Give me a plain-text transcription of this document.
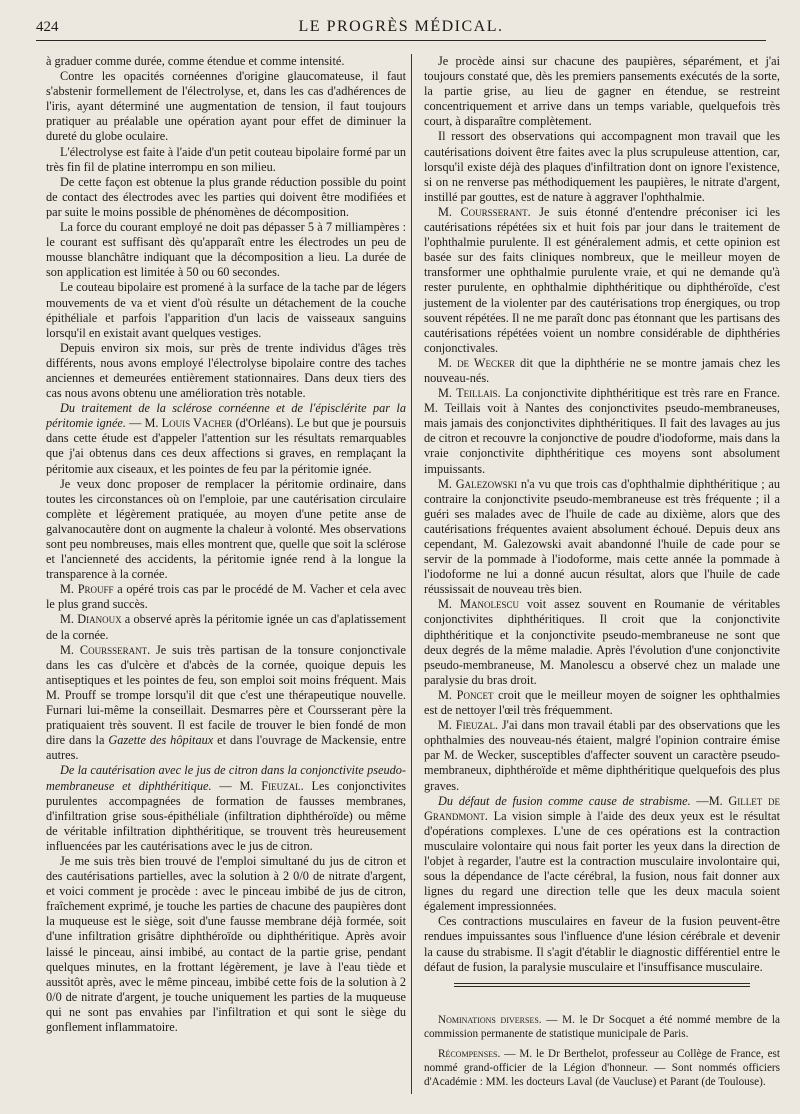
424	LE PROGRÈS MÉDICAL.

à graduer comme durée, comme étendue et comme intensité.

Contre les opacités cornéennes d'origine glaucomateuse, il faut s'abstenir formellement de l'électrolyse, et, dans les cas d'adhérences de l'iris, ayant déterminé une augmentation de tension, il faut toujours pratiquer au préalable une opération ayant pour effet de diminuer la dureté du globe oculaire.

L'électrolyse est faite à l'aide d'un petit couteau bipolaire formé par un très fin fil de platine interrompu en son milieu.

De cette façon est obtenue la plus grande réduction possible du point de contact des électrodes avec les parties qui doivent être modifiées et par suite le moins possible de phénomènes de décomposition.

La force du courant employé ne doit pas dépasser 5 à 7 milliampères : le courant est suffisant dès qu'apparaît entre les électrodes un peu de mousse blanchâtre indiquant que la décomposition a lieu. La durée de son application est limitée à 50 ou 60 secondes.

Le couteau bipolaire est promené à la surface de la tache par de légers mouvements de va et vient d'où résulte un détachement de la couche épithéliale et parfois l'apparition d'un lacis de vaisseaux sanguins lorsqu'il en existait avant quelques vestiges.

Depuis environ six mois, sur près de trente individus d'âges très différents, nous avons employé l'électrolyse bipolaire contre des taches anciennes et demeurées entièrement stationnaires. Dans deux tiers des cas nous avons obtenu une amélioration très notable.

Du traitement de la sclérose cornéenne et de l'épisclérite par la péritomie ignée. — M. Louis Vacher (d'Orléans). Le but que je poursuis dans cette étude est d'appeler l'attention sur les résultats remarquables que j'ai obtenus dans ces deux affections si graves, en remplaçant la péritomie aux ciseaux, et les pointes de feu par la péritomie ignée.

Je veux donc proposer de remplacer la péritomie ordinaire, dans toutes les circonstances où on l'emploie, par une cautérisation circulaire complète et légèrement pratiquée, au moyen d'une petite anse de galvanocautère dont on augmente la chaleur à volonté. Mes observations sont peu nombreuses, mais elles montrent que, quelle que soit la sclérose et l'ancienneté des accidents, la péritomie ignée rend à la longue la transparence à la cornée.

M. Prouff a opéré trois cas par le procédé de M. Vacher et cela avec le plus grand succès.

M. Dianoux a observé après la péritomie ignée un cas d'aplatissement de la cornée.

M. Coursserant. Je suis très partisan de la tonsure conjonctivale dans les cas d'ulcère et d'abcès de la cornée, quoique depuis les antiseptiques et les pointes de feu, son emploi soit moins fréquent. Mais M. Prouff se trompe lorsqu'il dit que c'est une thérapeutique nouvelle. Furnari lui-même la conseillait. Desmarres père et Coursserant père la pratiquaient très souvent. Il est facile de trouver le bien fondé de mon dire dans la Gazette des hôpitaux et dans l'ouvrage de Mackensie, entre autres.

De la cautérisation avec le jus de citron dans la conjonctivite pseudo-membraneuse et diphthéritique. — M. Fieuzal. Les conjonctivites purulentes accompagnées de formation de fausses membranes, d'infiltration grise sous-épithéliale (infiltration diphthéroïde) ou même de véritable infiltration diphthéritique, se trouvent très heureusement influencées par les cautérisations avec le jus de citron.

Je me suis très bien trouvé de l'emploi simultané du jus de citron et des cautérisations partielles, avec la solution à 2 0/0 de nitrate d'argent, et voici comment je procède : avec le pinceau imbibé de jus de citron, fraîchement exprimé, je touche les parties de chacune des paupières dont la muqueuse est le siège, soit d'une fausse membrane déjà formée, soit d'une infiltration grisâtre diphthéroïde ou diphthéritique. Après avoir laissé le pinceau, ainsi imbibé, au contact de la partie grise, pendant quelques minutes, en la frottant légèrement, je lave à l'eau tiède et aussitôt après, avec le même pinceau, imbibé cette fois de la solution à 2 0/0 de nitrate d'argent, je touche uniquement les parties de la muqueuse qui ne sont pas envahies par l'infiltration et qui sont le siège du gonflement inflammatoire.

Je procède ainsi sur chacune des paupières, séparément, et j'ai toujours constaté que, dès les premiers pansements exécutés de la sorte, la partie grise, au lieu de gagner en étendue, se restreint concentriquement et arrive dans un temps variable, quelquefois très court, à disparaître complètement.

Il ressort des observations qui accompagnent mon travail que les cautérisations doivent être faites avec la plus scrupuleuse attention, car, lorsqu'il existe déjà des plaques d'infiltration dont on ignore l'existence, si on ne renverse pas méthodiquement les paupières, le nitrate d'argent, instillé par gouttes, est de nature à aggraver l'ophthalmie.

M. Coursserant. Je suis étonné d'entendre préconiser ici les cautérisations répétées six et huit fois par jour dans le traitement de l'ophthalmie purulente. Il est généralement admis, et cette opinion est basée sur des faits cliniques nombreux, que le meilleur moyen de transformer une ophthalmie purulente vraie, et qui ne demande qu'à rester purulente, en ophthalmie diphthéritique ou diphthéroïde, c'est justement de la violenter par des cautérisations trop énergiques, ou trop souvent répétées. Il ne me paraît donc pas étonnant que les partisans des cautérisations répétées voient un nombre considérable de diphthéries conjonctivales.

M. de Wecker dit que la diphthérie ne se montre jamais chez les nouveau-nés.

M. Teillais. La conjonctivite diphthéritique est très rare en France. M. Teillais voit à Nantes des conjonctivites pseudo-membraneuses, mais jamais des conjonctivites diphthéritiques. Il fait des lavages au jus de citron et recouvre la conjonctive de poudre d'iodoforme, mais dans la vraie conjonctivite diphthéritique ces moyens sont absolument impuissants.

M. Galezowski n'a vu que trois cas d'ophthalmie diphthéritique ; au contraire la conjonctivite pseudo-membraneuse est très fréquente ; il a guéri ses malades avec de l'huile de cade au dixième, alors que des cautérisations fréquentes avaient absolument échoué. Depuis deux ans cependant, M. Galezowski avait abandonné l'huile de cade pour se servir de la pommade à l'iodoforme, mais cette année la pommade à l'iodoforme ne lui a donné aucun résultat, alors que l'huile de cade réussissait de nouveau très bien.

M. Manolescu voit assez souvent en Roumanie de véritables conjonctivites diphthéritiques. Il croit que la conjonctivite diphthéritique et la conjonctivite pseudo-membraneuse ne sont que deux degrés de la même maladie. Après l'évolution d'une conjonctivite pseudo-membraneuse, M. Manolescu a observé chez un malade une paralysie du bras droit.

M. Poncet croit que le meilleur moyen de soigner les ophthalmies est de nettoyer l'œil très fréquemment.

M. Fieuzal. J'ai dans mon travail établi par des observations que les ophthalmies des nouveau-nés étaient, malgré l'opinion contraire émise par M. de Wecker, susceptibles d'affecter souvent un caractère pseudo-membraneux, diphthéroïde et même diphthéritique quelquefois des plus graves.

Du défaut de fusion comme cause de strabisme. —M. Gillet de Grandmont. La vision simple à l'aide des deux yeux est le résultat d'opérations complexes. L'une de ces opérations est la contraction musculaire volontaire qui nous fait porter les yeux dans la direction de l'objet à regarder, l'autre est la contraction musculaire involontaire qui, sous la dépendance de l'acte cérébral, la fusion, nous fait donner aux lignes du regard une direction telle que les deux macula soient également impressionnées.

Ces contractions musculaires en faveur de la fusion peuvent-être rendues impuissantes sous l'influence d'une lésion cérébrale et devenir la cause du strabisme. Il s'agit d'établir le diagnostic différentiel entre le défaut de fusion, la paralysie musculaire et l'insuffisance musculaire.

Nominations diverses. — M. le Dr Socquet a été nommé membre de la commission permanente de statistique municipale de Paris.

Récompenses. — M. le Dr Berthelot, professeur au Collège de France, est nommé grand-officier de la Légion d'honneur. — Sont nommés officiers d'Académie : MM. les docteurs Laval (de Vaucluse) et Parant (de Toulouse).
